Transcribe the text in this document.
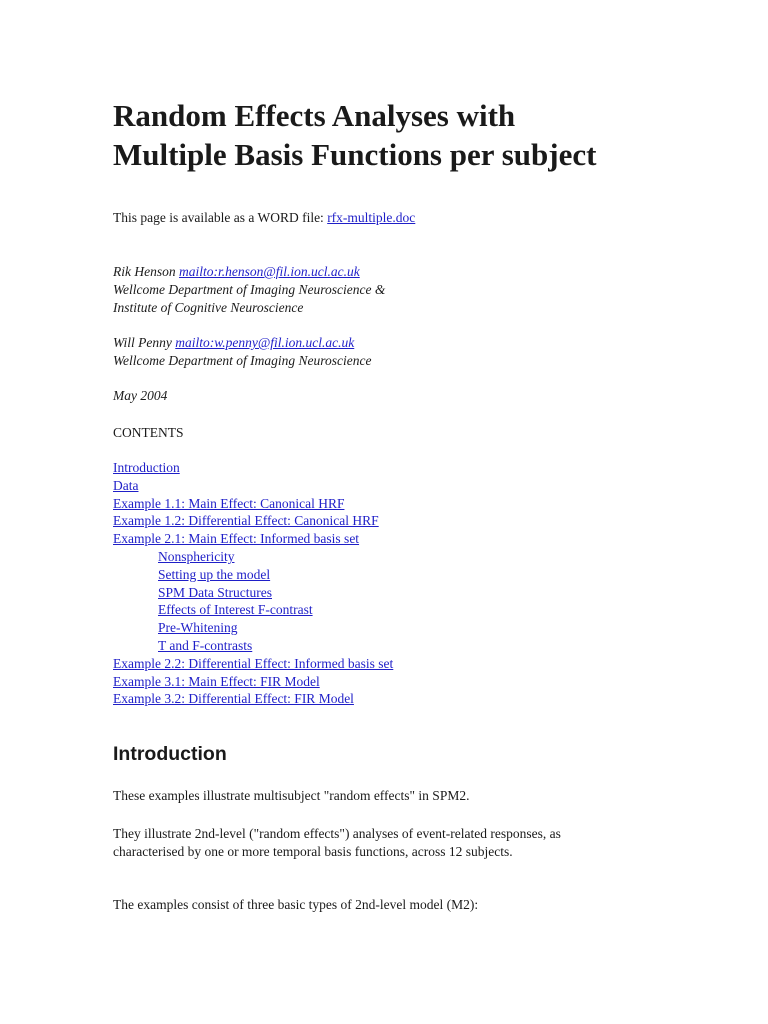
Random Effects Analyses with
Multiple Basis Functions per subject
This page is available as a WORD file: rfx-multiple.doc
Rik Henson mailto:r.henson@fil.ion.ucl.ac.uk
Wellcome Department of Imaging Neuroscience &
Institute of Cognitive Neuroscience
Will Penny mailto:w.penny@fil.ion.ucl.ac.uk
Wellcome Department of Imaging Neuroscience
May 2004
CONTENTS
Introduction
Data
Example 1.1: Main Effect: Canonical HRF
Example 1.2: Differential Effect: Canonical HRF
Example 2.1: Main Effect: Informed basis set
Nonsphericity
Setting up the model
SPM Data Structures
Effects of Interest F-contrast
Pre-Whitening
T and F-contrasts
Example 2.2: Differential Effect: Informed basis set
Example 3.1: Main Effect: FIR Model
Example 3.2: Differential Effect: FIR Model
Introduction
These examples illustrate multisubject "random effects" in SPM2.
They illustrate 2nd-level ("random effects") analyses of event-related responses, as
characterised by one or more temporal basis functions, across 12 subjects.
The examples consist of three basic types of 2nd-level model (M2):
